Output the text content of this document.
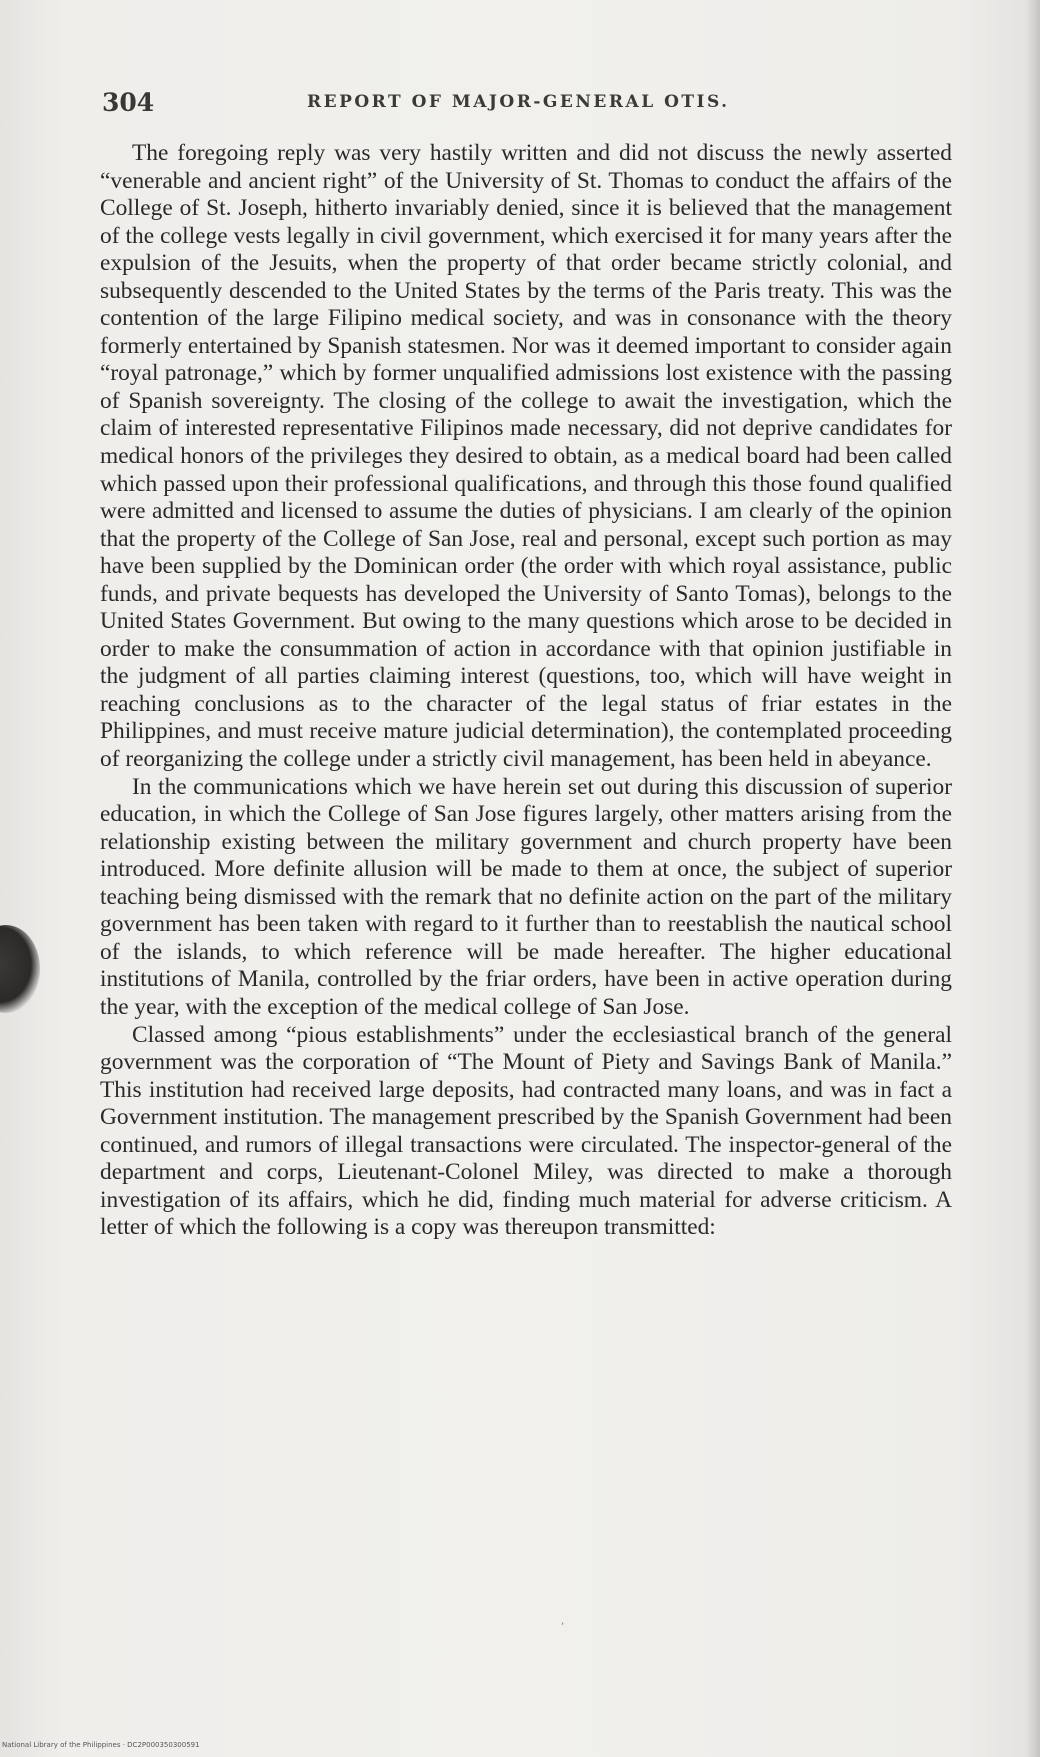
304	REPORT OF MAJOR-GENERAL OTIS.

The foregoing reply was very hastily written and did not discuss the newly asserted “venerable and ancient right” of the University of St. Thomas to conduct the affairs of the College of St. Joseph, hitherto invariably denied, since it is believed that the management of the college vests legally in civil government, which exercised it for many years after the expulsion of the Jesuits, when the property of that order became strictly colonial, and subsequently descended to the United States by the terms of the Paris treaty. This was the contention of the large Filipino medical society, and was in consonance with the theory formerly entertained by Spanish statesmen. Nor was it deemed important to consider again “royal patronage,” which by former unqualified admissions lost existence with the passing of Spanish sovereignty. The closing of the college to await the investigation, which the claim of interested representative Filipinos made necessary, did not deprive candidates for medical honors of the privileges they desired to obtain, as a medical board had been called which passed upon their professional qualifications, and through this those found qualified were admitted and licensed to assume the duties of physicians. I am clearly of the opinion that the property of the College of San Jose, real and personal, except such portion as may have been supplied by the Dominican order (the order with which royal assistance, public funds, and private bequests has developed the University of Santo Tomas), belongs to the United States Government. But owing to the many questions which arose to be decided in order to make the consummation of action in accordance with that opinion justifiable in the judgment of all parties claiming interest (questions, too, which will have weight in reaching conclusions as to the character of the legal status of friar estates in the Philippines, and must receive mature judicial determination), the contemplated proceeding of reorganizing the college under a strictly civil management, has been held in abeyance.

In the communications which we have herein set out during this discussion of superior education, in which the College of San Jose figures largely, other matters arising from the relationship existing between the military government and church property have been introduced. More definite allusion will be made to them at once, the subject of superior teaching being dismissed with the remark that no definite action on the part of the military government has been taken with regard to it further than to reestablish the nautical school of the islands, to which reference will be made hereafter. The higher educational institutions of Manila, controlled by the friar orders, have been in active operation during the year, with the exception of the medical college of San Jose.

Classed among “pious establishments” under the ecclesiastical branch of the general government was the corporation of “The Mount of Piety and Savings Bank of Manila.” This institution had received large deposits, had contracted many loans, and was in fact a Government institution. The management prescribed by the Spanish Government had been continued, and rumors of illegal transactions were circulated. The inspector-general of the department and corps, Lieutenant-Colonel Miley, was directed to make a thorough investigation of its affairs, which he did, finding much material for adverse criticism. A letter of which the following is a copy was thereupon transmitted:

,
National Library of the Philippines · DC2P000350300591
